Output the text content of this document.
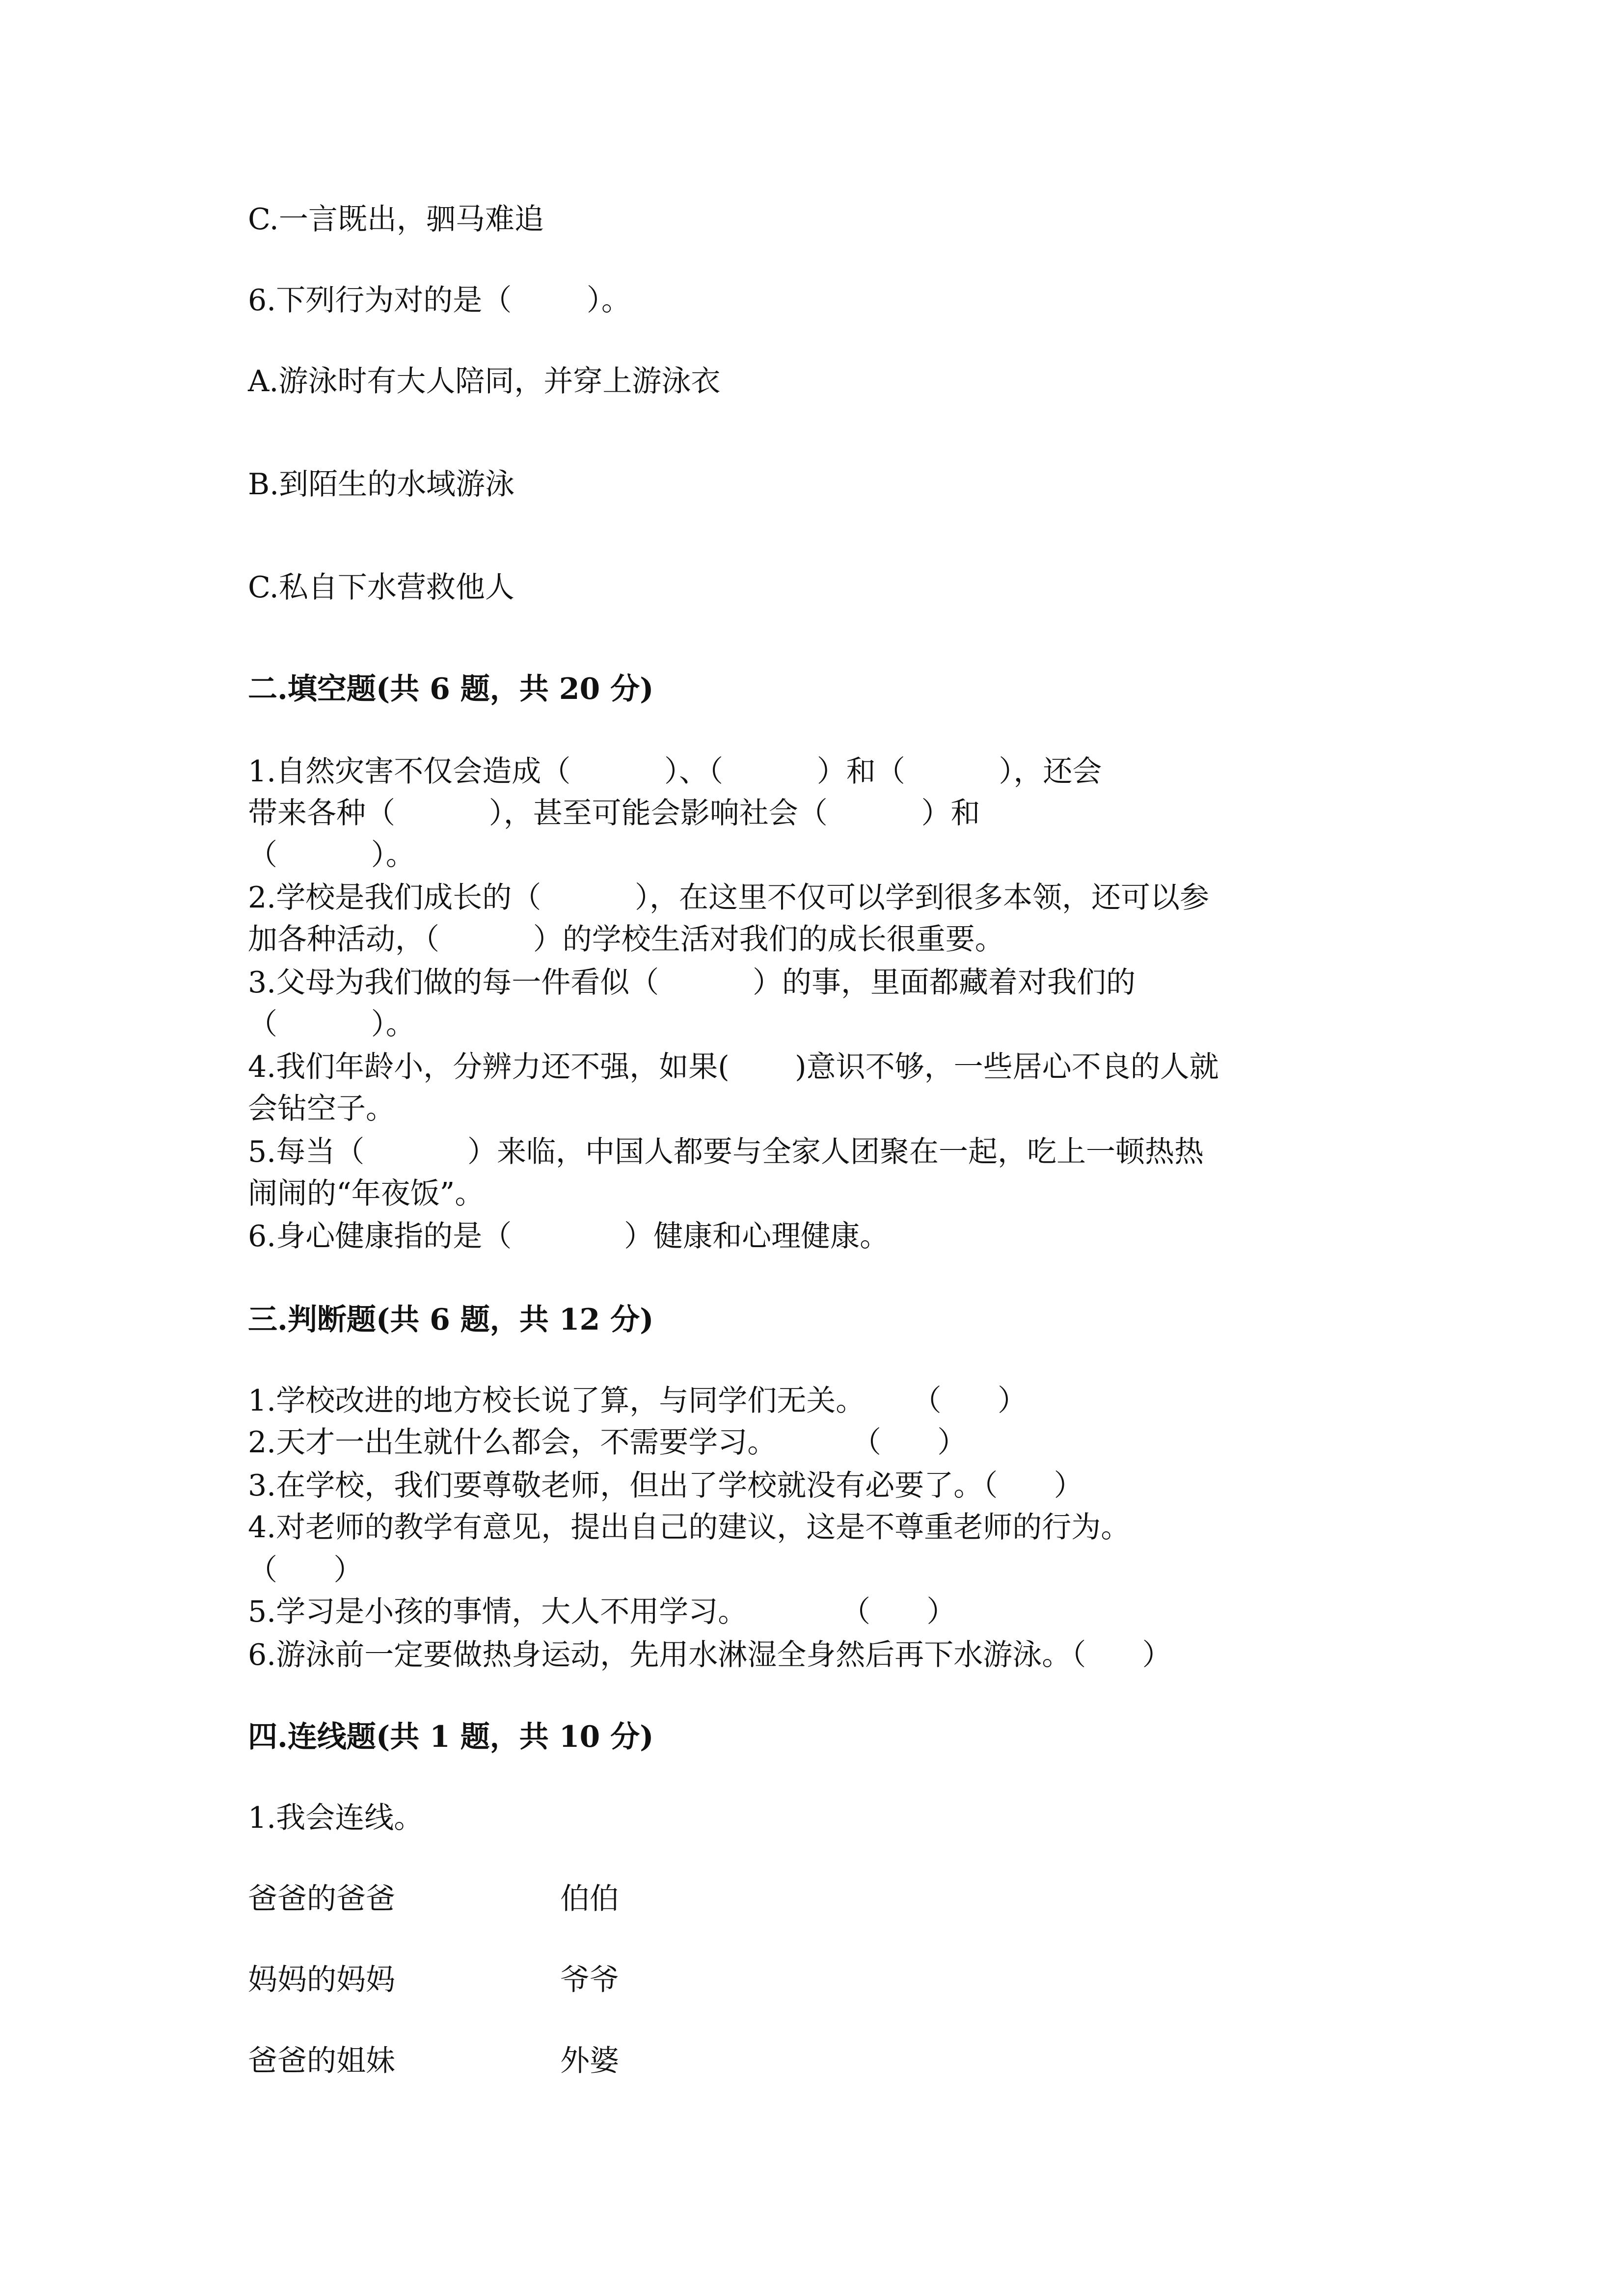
C.一言既出，驷马难追
6.下列行为对的是（        ）。
A.游泳时有大人陪同，并穿上游泳衣
B.到陌生的水域游泳
C.私自下水营救他人
二.填空题(共 6 题，共 20 分)
1.自然灾害不仅会造成（          ）、（          ）和（          ），还会
带来各种（          ），甚至可能会影响社会（          ）和
（          ）。
2.学校是我们成长的（          ），在这里不仅可以学到很多本领，还可以参
加各种活动，（          ）的学校生活对我们的成长很重要。
3.父母为我们做的每一件看似（          ）的事，里面都藏着对我们的
（          ）。
4.我们年龄小，分辨力还不强，如果(       )意识不够，一些居心不良的人就
会钻空子。
5.每当（           ）来临，中国人都要与全家人团聚在一起，吃上一顿热热
闹闹的“年夜饭”。
6.身心健康指的是（            ）健康和心理健康。
三.判断题(共 6 题，共 12 分)
1.学校改进的地方校长说了算，与同学们无关。     （      ）
2.天才一出生就什么都会，不需要学习。        （      ）
3.在学校，我们要尊敬老师，但出了学校就没有必要了。（      ）
4.对老师的教学有意见，提出自己的建议，这是不尊重老师的行为。
（      ）
5.学习是小孩的事情，大人不用学习。          （      ）
6.游泳前一定要做热身运动，先用水淋湿全身然后再下水游泳。（      ）
四.连线题(共 1 题，共 10 分)
1.我会连线。
爸爸的爸爸	伯伯
妈妈的妈妈	爷爷
爸爸的姐妹	外婆
